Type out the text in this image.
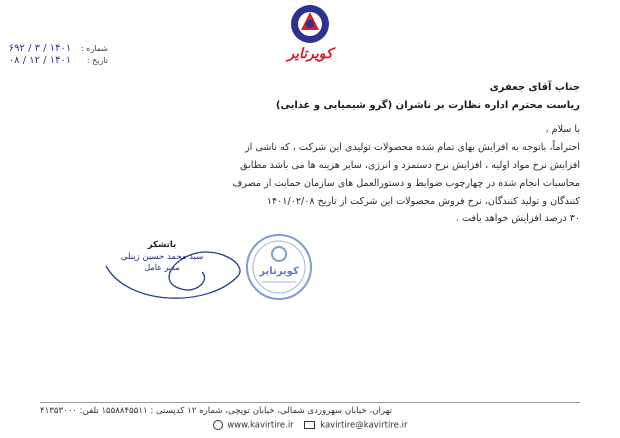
شماره :
۱۴۰۱ / ۳ / ۶۹۲
تاریخ :
۱۴۰۱ / ۱۲ / ۰۸	کویرتایر
جناب آقای جعفری
ریاست محترم اداره نظارت بر ناشران (گرو شیمیایی و غذایی)
با سلام ،
احتراماً، باتوجه به افزایش بهای تمام شده محصولات تولیدی این شرکت ، که ناشی از
افزایش نرخ مواد اولیه ، افزایش نرخ دستمزد و انرژی، سایر هزینه ها می باشد مطابق
محاسبات انجام شده در چهارچوب ضوابط و دستورالعمل های سازمان حمایت از مصرف
کنندگان و تولید کنندگان، نرخ فروش محصولات این شرکت از تاریخ ۱۴۰۱/۰۲/۰۸
۳۰ درصد افزایش خواهد یافت .
کویرتایر
باتشکر
سید محمد حسین زینلی
مدیر عامل
تهران، خیابان سهروردی شمالی، خیابان توپچی، شماره ۱۲ کدپستی : ۱۵۵۸۸۴۵۵۱۱ تلفن: ۴۱۳۵۳۰۰۰
www.kavirtire.ir	kavirtire@kavirtire.ir
